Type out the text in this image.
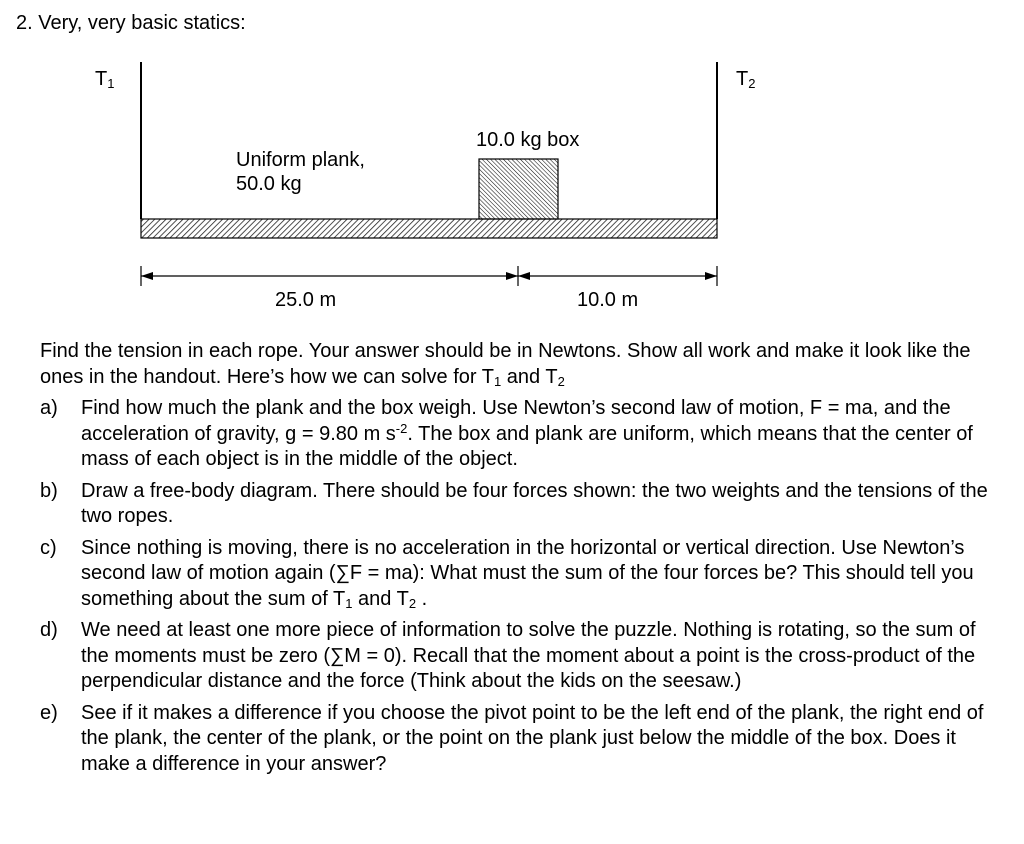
2. Very, very basic statics:
$T_1$	$T_2$
Uniform plank,
50.0 kg
10.0 kg box
25.0 m	10.0 m
Find the tension in each rope. Your answer should be in Newtons. Show all work and make it look like the ones in the handout. Here’s how we can solve for $T_1$ and $T_2$
a) Find how much the plank and the box weigh. Use Newton’s second law of motion, F = ma, and the acceleration of gravity, g = 9.80 m $s^{-2}$. The box and plank are uniform, which means that the center of mass of each object is in the middle of the object.
b) Draw a free-body diagram. There should be four forces shown: the two weights and the tensions of the two ropes.
c) Since nothing is moving, there is no acceleration in the horizontal or vertical direction. Use Newton’s second law of motion again (∑F = ma): What must the sum of the four forces be? This should tell you something about the sum of $T_1$ and $T_2$ .
d) We need at least one more piece of information to solve the puzzle. Nothing is rotating, so the sum of the moments must be zero (∑M = 0). Recall that the moment about a point is the cross-product of the perpendicular distance and the force (Think about the kids on the seesaw.)
e) See if it makes a difference if you choose the pivot point to be the left end of the plank, the right end of the plank, the center of the plank, or the point on the plank just below the middle of the box. Does it make a difference in your answer?
